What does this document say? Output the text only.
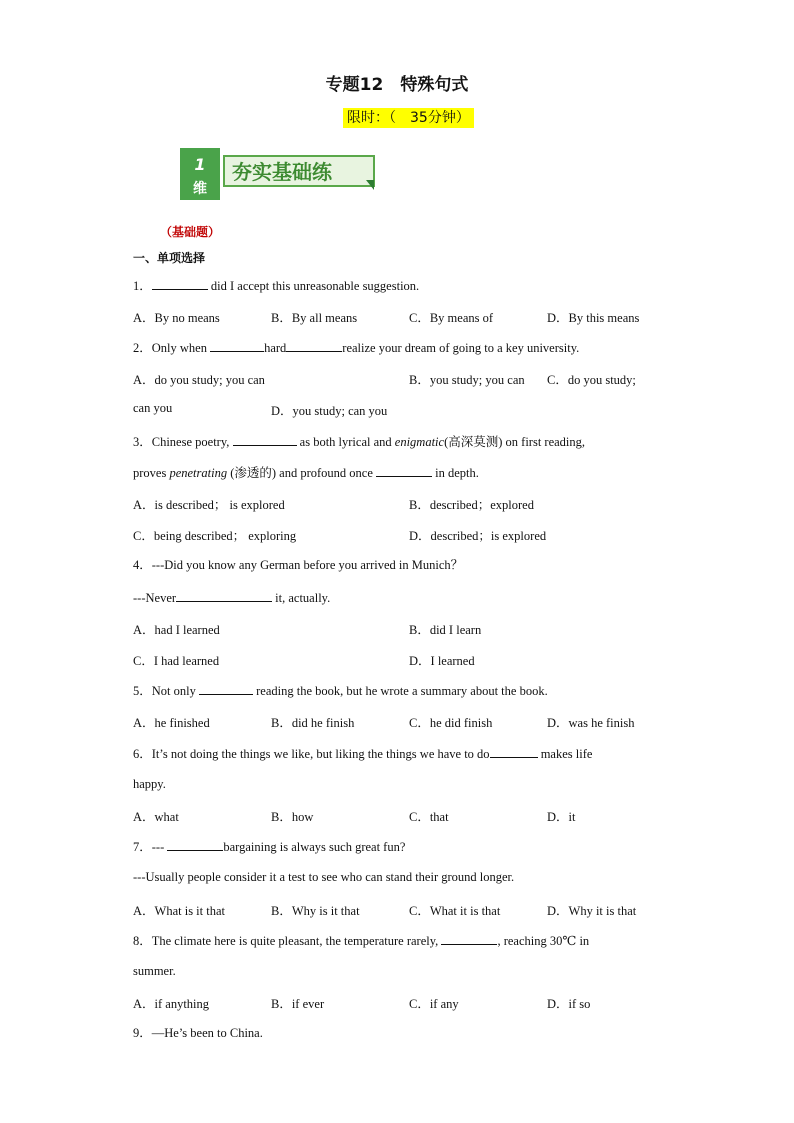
专题12　特殊句式
限时：（　35分钟）
1
维
夯实基础练
（基础题）
一、单项选择
1．	did I accept this unreasonable suggestion.
A．By no means	B．By all means	C．By means of	D．By this means
2．Only when	hard	realize your dream of going to a key university.
A．do you study; you can	B．you study; you can C．do you study;
can you	D．you study; can you
3．Chinese poetry,	as both lyrical and enigmatic(高深莫测) on first reading,
proves penetrating (渗透的) and profound once	in depth.
A．is described； is explored	B．described；explored
C．being described； exploring	D．described；is explored
4．---Did you know any German before you arrived in Munich？
---Never	it, actually.
A．had I learned	B．did I learn
C．I had learned	D．I learned
5．Not only	reading the book, but he wrote a summary about the book.
A．he finished	B．did he finish	C．he did finish	D．was he finish
6．It’s not doing the things we like, but liking the things we have to do	makes life
happy.
A．what	B．how	C．that	D．it
7．---	bargaining is always such great fun?
---Usually people consider it a test to see who can stand their ground longer.
A．What is it that	B．Why is it that	C．What it is that	D．Why it is that
8．The climate here is quite pleasant, the temperature rarely,	, reaching 30℃ in
summer.
A．if anything	B．if ever	C．if any	D．if so
9．—He’s been to China.
